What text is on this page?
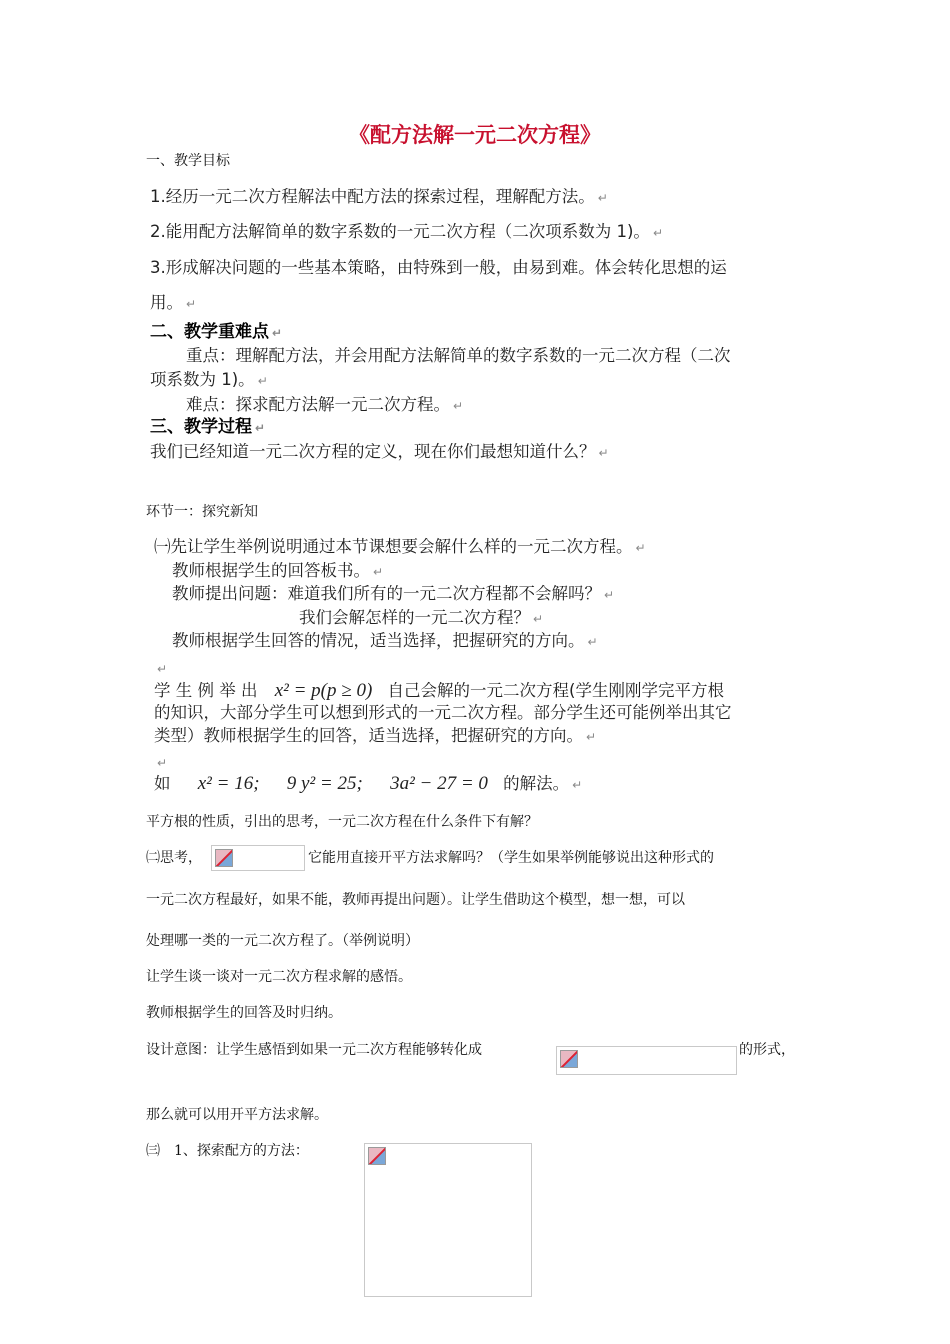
《配方法解一元二次方程》
一、教学目标
1.经历一元二次方程解法中配方法的探索过程，理解配方法。 ↵
2.能用配方法解简单的数字系数的一元二次方程（二次项系数为 1)。 ↵
3.形成解决问题的一些基本策略，由特殊到一般，由易到难。体会转化思想的运
用。 ↵
二、教学重难点 ↵
重点：理解配方法，并会用配方法解简单的数字系数的一元二次方程（二次
项系数为 1)。 ↵
难点：探求配方法解一元二次方程。 ↵
三、教学过程 ↵
我们已经知道一元二次方程的定义，现在你们最想知道什么？ ↵
环节一：探究新知
㈠先让学生举例说明通过本节课想要会解什么样的一元二次方程。 ↵
教师根据学生的回答板书。 ↵
教师提出问题：难道我们所有的一元二次方程都不会解吗？ ↵
我们会解怎样的一元二次方程？ ↵
教师根据学生回答的情况，适当选择，把握研究的方向。 ↵
↵
学 生 例 举 出 x² = p(p ≥ 0) 自己会解的一元二次方程(学生刚刚学完平方根
的知识，大部分学生可以想到形式的一元二次方程。部分学生还可能例举出其它
类型）教师根据学生的回答，适当选择，把握研究的方向。 ↵
↵
如 x² = 16; 9 y² = 25; 3a² − 27 = 0 的解法。 ↵
平方根的性质，引出的思考，一元二次方程在什么条件下有解？
㈡思考，	它能用直接开平方法求解吗？（学生如果举例能够说出这种形式的
一元二次方程最好，如果不能，教师再提出问题）。让学生借助这个模型，想一想，可以
处理哪一类的一元二次方程了。（举例说明）
让学生谈一谈对一元二次方程求解的感悟。
教师根据学生的回答及时归纳。
设计意图：让学生感悟到如果一元二次方程能够转化成	的形式，
那么就可以用开平方法求解。
㈢　1、探索配方的方法：
